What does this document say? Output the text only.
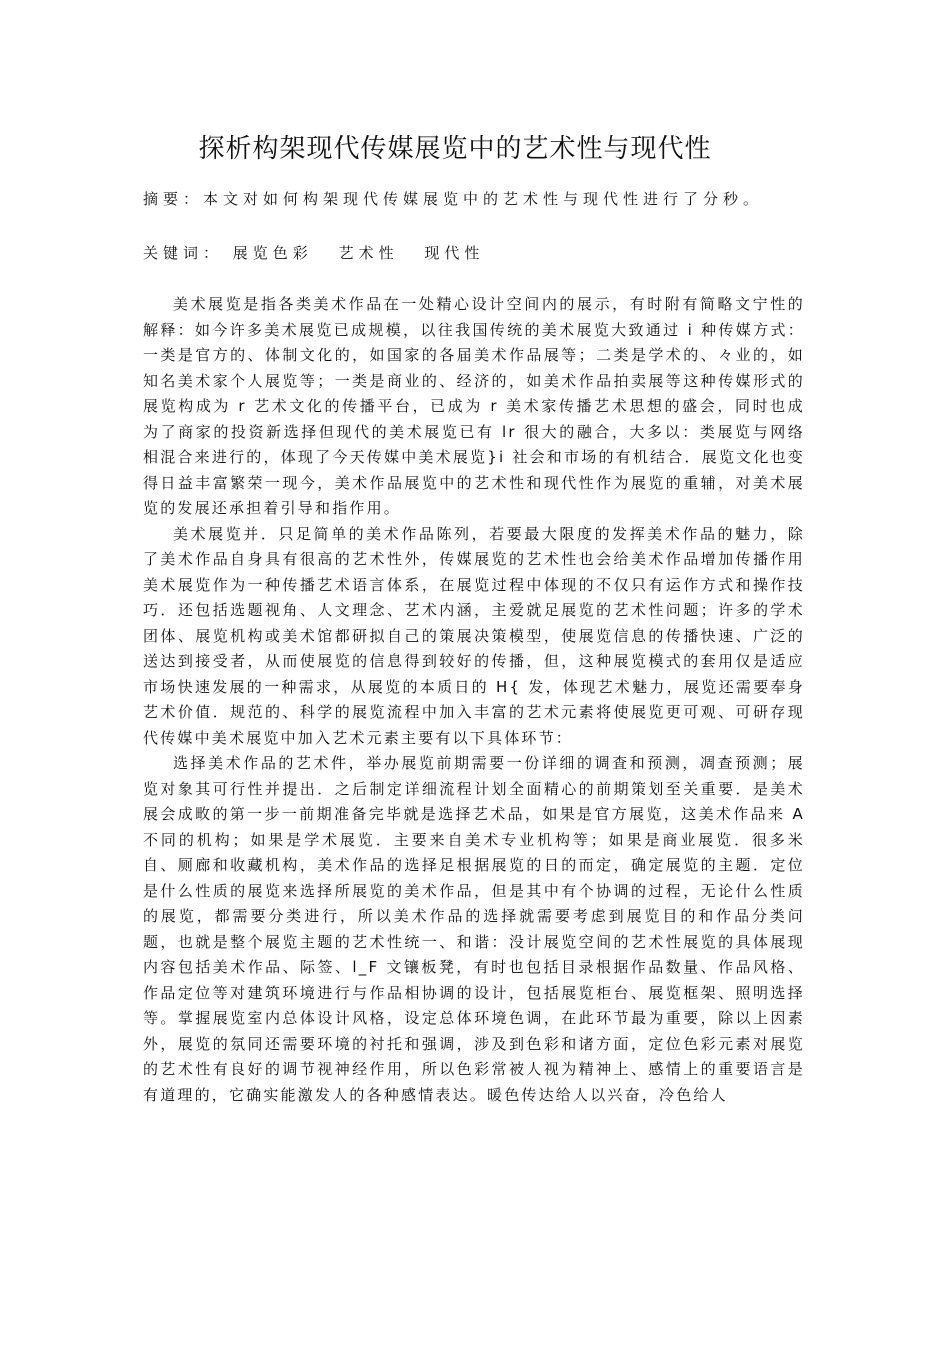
探析构架现代传媒展览中的艺术性与现代性

摘要：本文对如何构架现代传媒展览中的艺术性与现代性进行了分秒。

关键词： 展览色彩 艺术性 现代性

美术展览是指各类美术作品在一处精心设计空间内的展示，有时附有简略文宁性的解释：如今许多美术展览已成规模，以往我国传统的美术展览大致通过 i 种传媒方式：一类是官方的、体制文化的，如国家的各届美术作品展等；二类是学术的、々业的，如知名美术家个人展览等；一类是商业的、经济的，如美术作品拍卖展等这种传媒形式的展览构成为 r 艺术文化的传播平台，已成为 r 美术家传播艺术思想的盛会，同时也成为了商家的投资新选择但现代的美术展览已有 lr 很大的融合，大多以：类展览与网络相混合来进行的，体现了今天传媒中美术展览}i 社会和市场的有机结合．展览文化也变得日益丰富繁荣一现今，美术作品展览中的艺术性和现代性作为展览的重辅，对美术展览的发展还承担着引导和指作用。

美术展览并．只足简单的美术作品陈列，若要最大限度的发挥美术作品的魅力，除了美术作品自身具有很高的艺术性外，传媒展览的艺术性也会给美术作品增加传播作用美术展览作为一种传播艺术语言体系，在展览过程中体现的不仅只有运作方式和操作技巧．还包括选题视角、人文理念、艺术内涵，主爱就足展览的艺术性问题；许多的学术团体、展览机构或美术馆都研拟自己的策展决策模型，使展览信息的传播快速、广泛的送达到接受者，从而使展览的信息得到较好的传播，但，这种展览模式的套用仅是适应市场快速发展的一种需求，从展览的本质日的 H{ 发，体现艺术魅力，展览还需要奉身艺术价值．规范的、科学的展览流程中加入丰富的艺术元素将使展览更可观、可研存现代传媒中美术展览中加入艺术元素主要有以下具体环节：

选择美术作品的艺术件，举办展览前期需要一份详细的调査和预测，凋查预测；展览对象其可行性并提出．之后制定详细流程计划全面精心的前期策划至关重要．是美术展会成畋的第一步一前期准备完毕就是选择艺术品，如果是官方展览，这美术作品来 A 不同的机构；如果是学术展览．主要来自美术专业机构等；如果是商业展览．很多米自、厕廊和收藏机构，美术作品的选择足根据展览的日的而定，确定展览的主题．定位是什么性质的展览来选择所展览的美术作品，但是其中有个协调的过程，无论什么性质的展览，都需要分类进行，所以美术作品的选择就需要考虑到展览目的和作品分类问题，也就是整个展览主题的艺术性统一、和谐：没计展览空间的艺术性展览的具体展现内容包括美术作品、际签、l_F 文镶板凳，有时也包括目录根据作品数量、作品风格、作品定位等对建筑环境进行与作品相协调的设计，包括展览柜台、展览框架、照明选择等。掌握展览室内总体设计风格，设定总体环境色调，在此环节最为重要，除以上因素外，展览的氛同还需要环境的衬托和强调，涉及到色彩和诸方面，定位色彩元素对展览的艺术性有良好的调节视神经作用，所以色彩常被人视为精神上、感情上的重要语言是有道理的，它确实能激发人的各种感情表达。暖色传达给人以兴奋，冷色给人
